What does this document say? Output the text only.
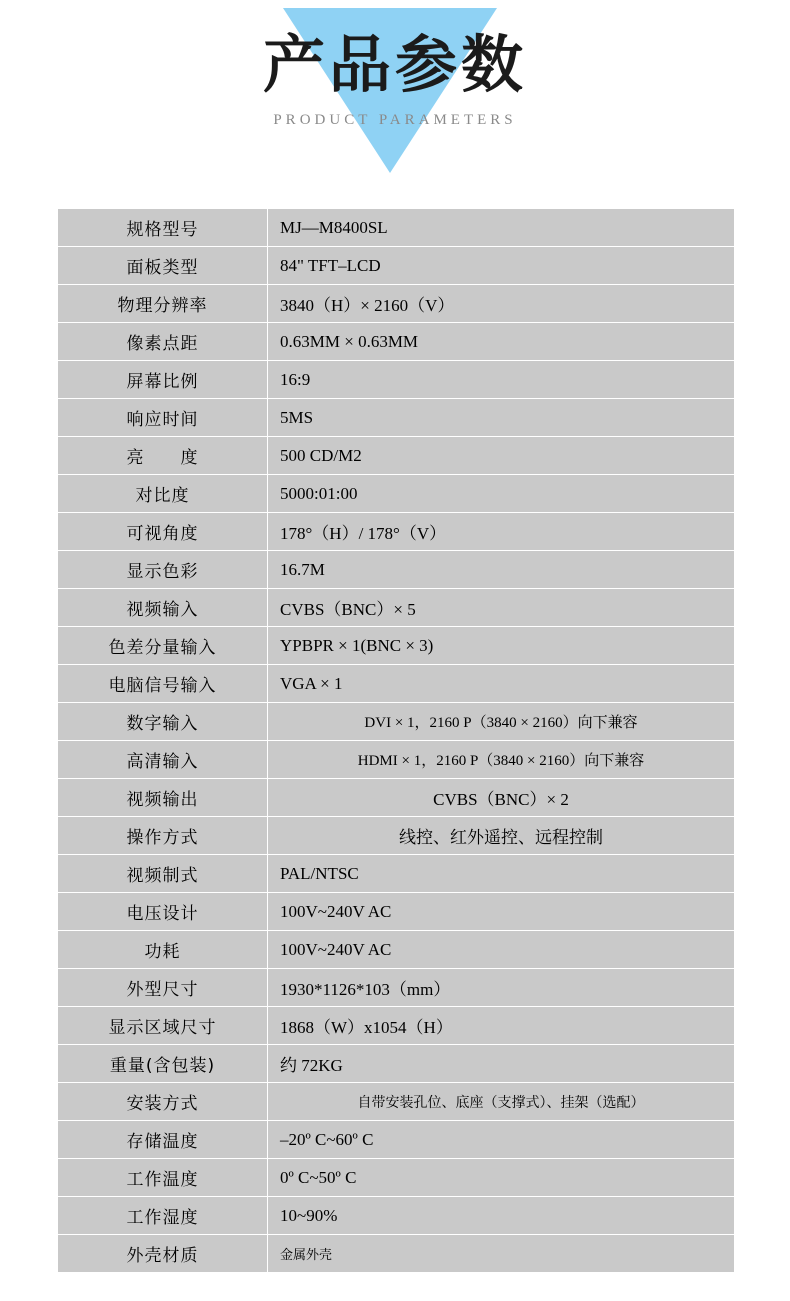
产品参数
PRODUCT PARAMETERS
规格型号	MJ—M8400SL
面板类型	84" TFT–LCD
物理分辨率	3840（H）× 2160（V）
像素点距	0.63MM × 0.63MM
屏幕比例	16:9
响应时间	5MS
亮　　度	500 CD/M2
对比度	5000:01:00
可视角度	178°（H）/ 178°（V）
显示色彩	16.7M
视频输入	CVBS（BNC）× 5
色差分量输入	YPBPR × 1(BNC × 3)
电脑信号输入	VGA × 1
数字输入	DVI × 1，2160 P（3840 × 2160）向下兼容
高清输入	HDMI × 1，2160 P（3840 × 2160）向下兼容
视频输出	CVBS（BNC）× 2
操作方式	线控、红外遥控、远程控制
视频制式	PAL/NTSC
电压设计	100V~240V AC
功耗	100V~240V AC
外型尺寸	1930*1126*103（mm）
显示区域尺寸	1868（W）x1054（H）
重量(含包装)	约 72KG
安装方式	自带安装孔位、底座（支撑式）、挂架（选配）
存储温度	–20º C~60º C
工作温度	0º C~50º C
工作湿度	10~90%
外壳材质	金属外壳
